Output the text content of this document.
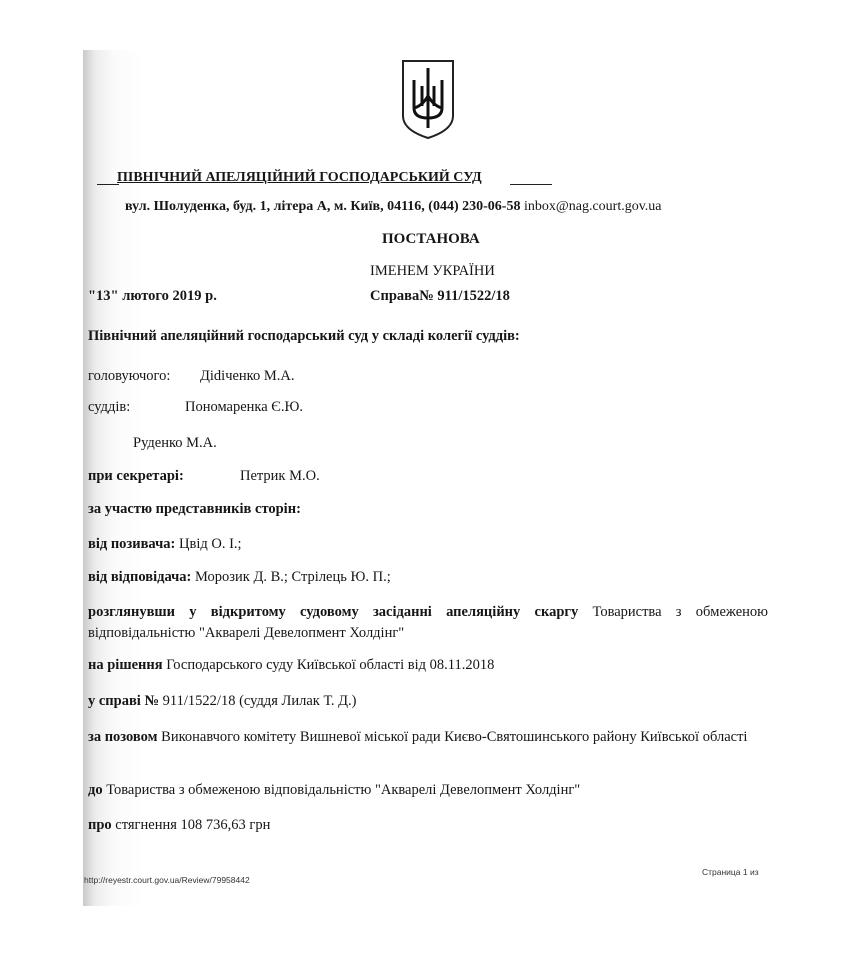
ПІВНІЧНИЙ АПЕЛЯЦІЙНИЙ ГОСПОДАРСЬКИЙ СУД
вул. Шолуденка, буд. 1, літера А, м. Київ, 04116, (044) 230-06-58 inbox@nag.court.gov.ua
ПОСТАНОВА
ІМЕНЕМ УКРАЇНИ
"13" лютого 2019 р.	Справа№ 911/1522/18
Північний апеляційний господарський суд у складі колегії суддів:
головуючого: Діdiченко М.А.
суддів:	Пономаренка Є.Ю.
Руденко М.А.
при секретарі:	Петрик М.О.
за участю представників сторін:
від позивача: Цвід О. І.;
від відповідача: Морозик Д. В.; Стрілець Ю. П.;
розглянувши у відкритому судовому засіданні апеляційну скаргу Товариства з обмеженою відповідальністю "Акварелі Девелопмент Холдінг"
на рішення Господарського суду Київської області від 08.11.2018
у справі № 911/1522/18 (суддя Лилак Т. Д.)
за позовом Виконавчого комітету Вишневої міської ради Києво-Святошинського району Київської області
до Товариства з обмеженою відповідальністю "Акварелі Девелопмент Холдінг"
про стягнення 108 736,63 грн
http://reyestr.court.gov.ua/Review/79958442
Страница 1 из
